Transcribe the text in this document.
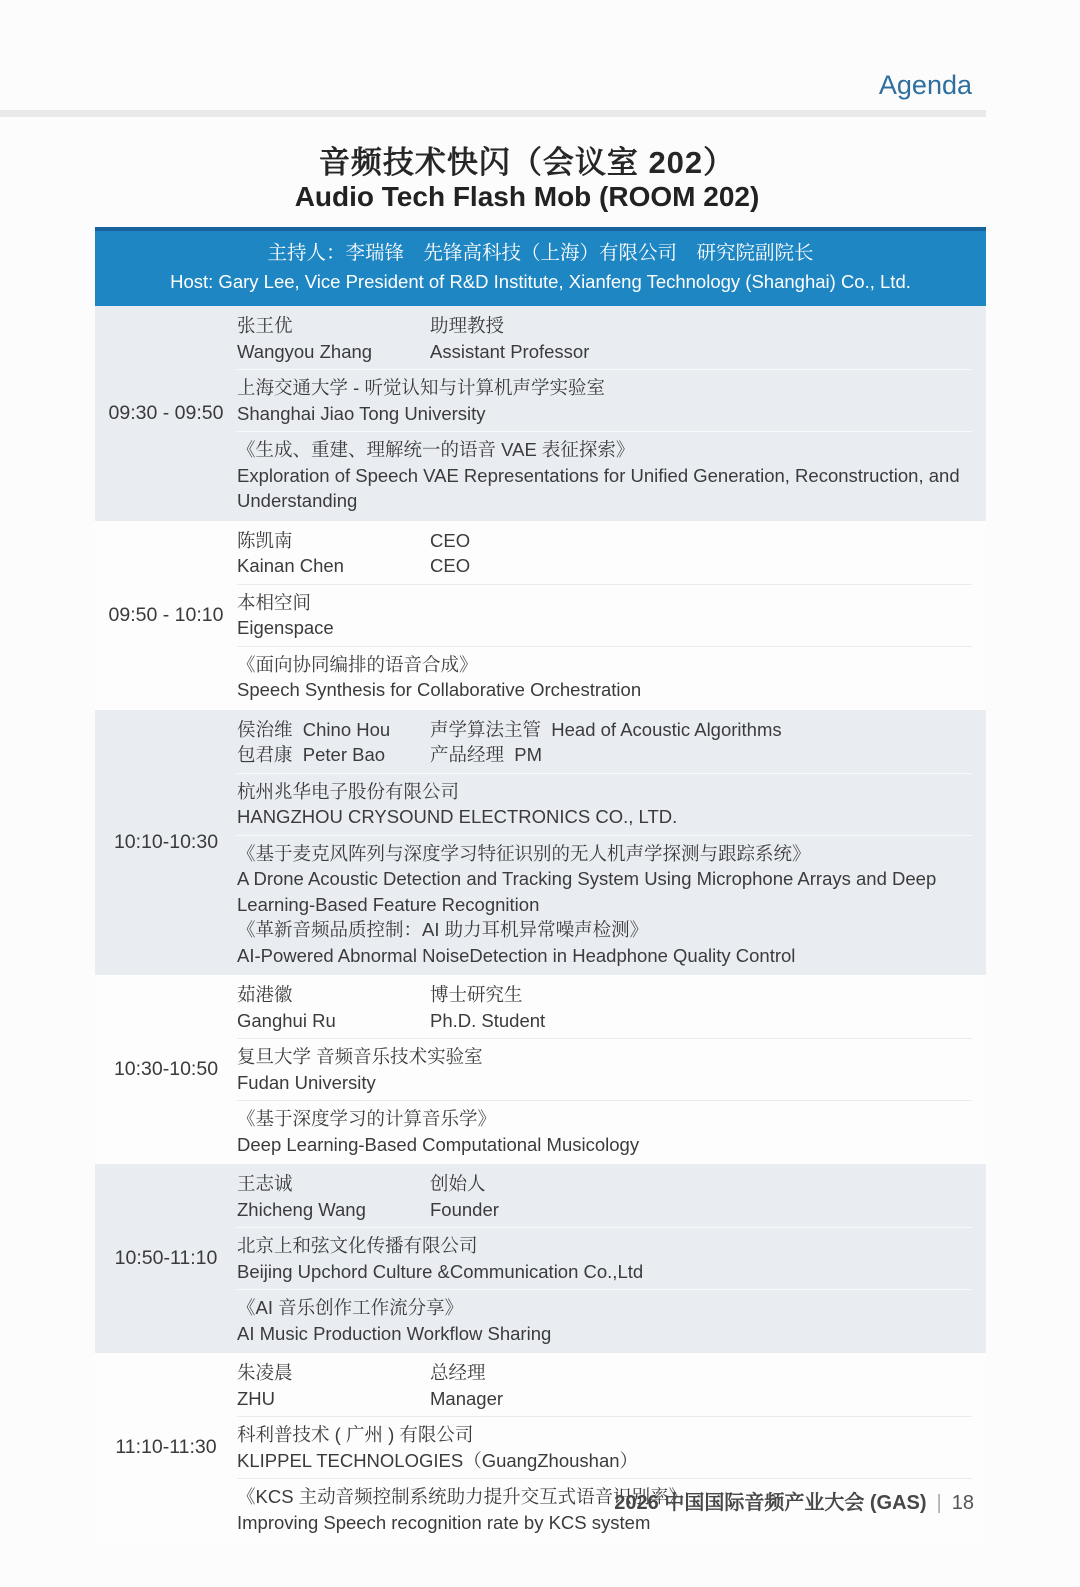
Agenda
音频技术快闪（会议室 202）
Audio Tech Flash Mob (ROOM 202)
主持人：李瑞锋　先锋高科技（上海）有限公司　研究院副院长
Host: Gary Lee, Vice President of R&D Institute, Xianfeng Technology (Shanghai) Co., Ltd.
09:30 - 09:50
张王优	助理教授
Wangyou Zhang	Assistant Professor
上海交通大学 - 听觉认知与计算机声学实验室
Shanghai Jiao Tong University
《生成、重建、理解统一的语音 VAE 表征探索》
Exploration of Speech VAE Representations for Unified Generation, Reconstruction, and Understanding
09:50 - 10:10
陈凯南	CEO
Kainan Chen	CEO
本相空间
Eigenspace
《面向协同编排的语音合成》
Speech Synthesis for Collaborative Orchestration
10:10-10:30
侯治维  Chino Hou	声学算法主管  Head of Acoustic Algorithms
包君康  Peter Bao	产品经理  PM
杭州兆华电子股份有限公司
HANGZHOU CRYSOUND ELECTRONICS CO., LTD.
《基于麦克风阵列与深度学习特征识别的无人机声学探测与跟踪系统》
A Drone Acoustic Detection and Tracking System Using Microphone Arrays and Deep Learning-Based Feature Recognition
《革新音频品质控制：AI 助力耳机异常噪声检测》
AI-Powered Abnormal NoiseDetection in Headphone Quality Control
10:30-10:50
茹港徽	博士研究生
Ganghui Ru	Ph.D. Student
复旦大学 音频音乐技术实验室
Fudan University
《基于深度学习的计算音乐学》
Deep Learning-Based Computational Musicology
10:50-11:10
王志诚	创始人
Zhicheng Wang	Founder
北京上和弦文化传播有限公司
Beijing Upchord Culture &Communication Co.,Ltd
《AI 音乐创作工作流分享》
AI Music Production Workflow Sharing
11:10-11:30
朱凌晨	总经理
ZHU	Manager
科利普技术 ( 广州 ) 有限公司
KLIPPEL TECHNOLOGIES（GuangZhoushan）
《KCS 主动音频控制系统助力提升交互式语音识别率》
Improving Speech recognition rate by KCS system
2026 中国国际音频产业大会 (GAS) | 18
